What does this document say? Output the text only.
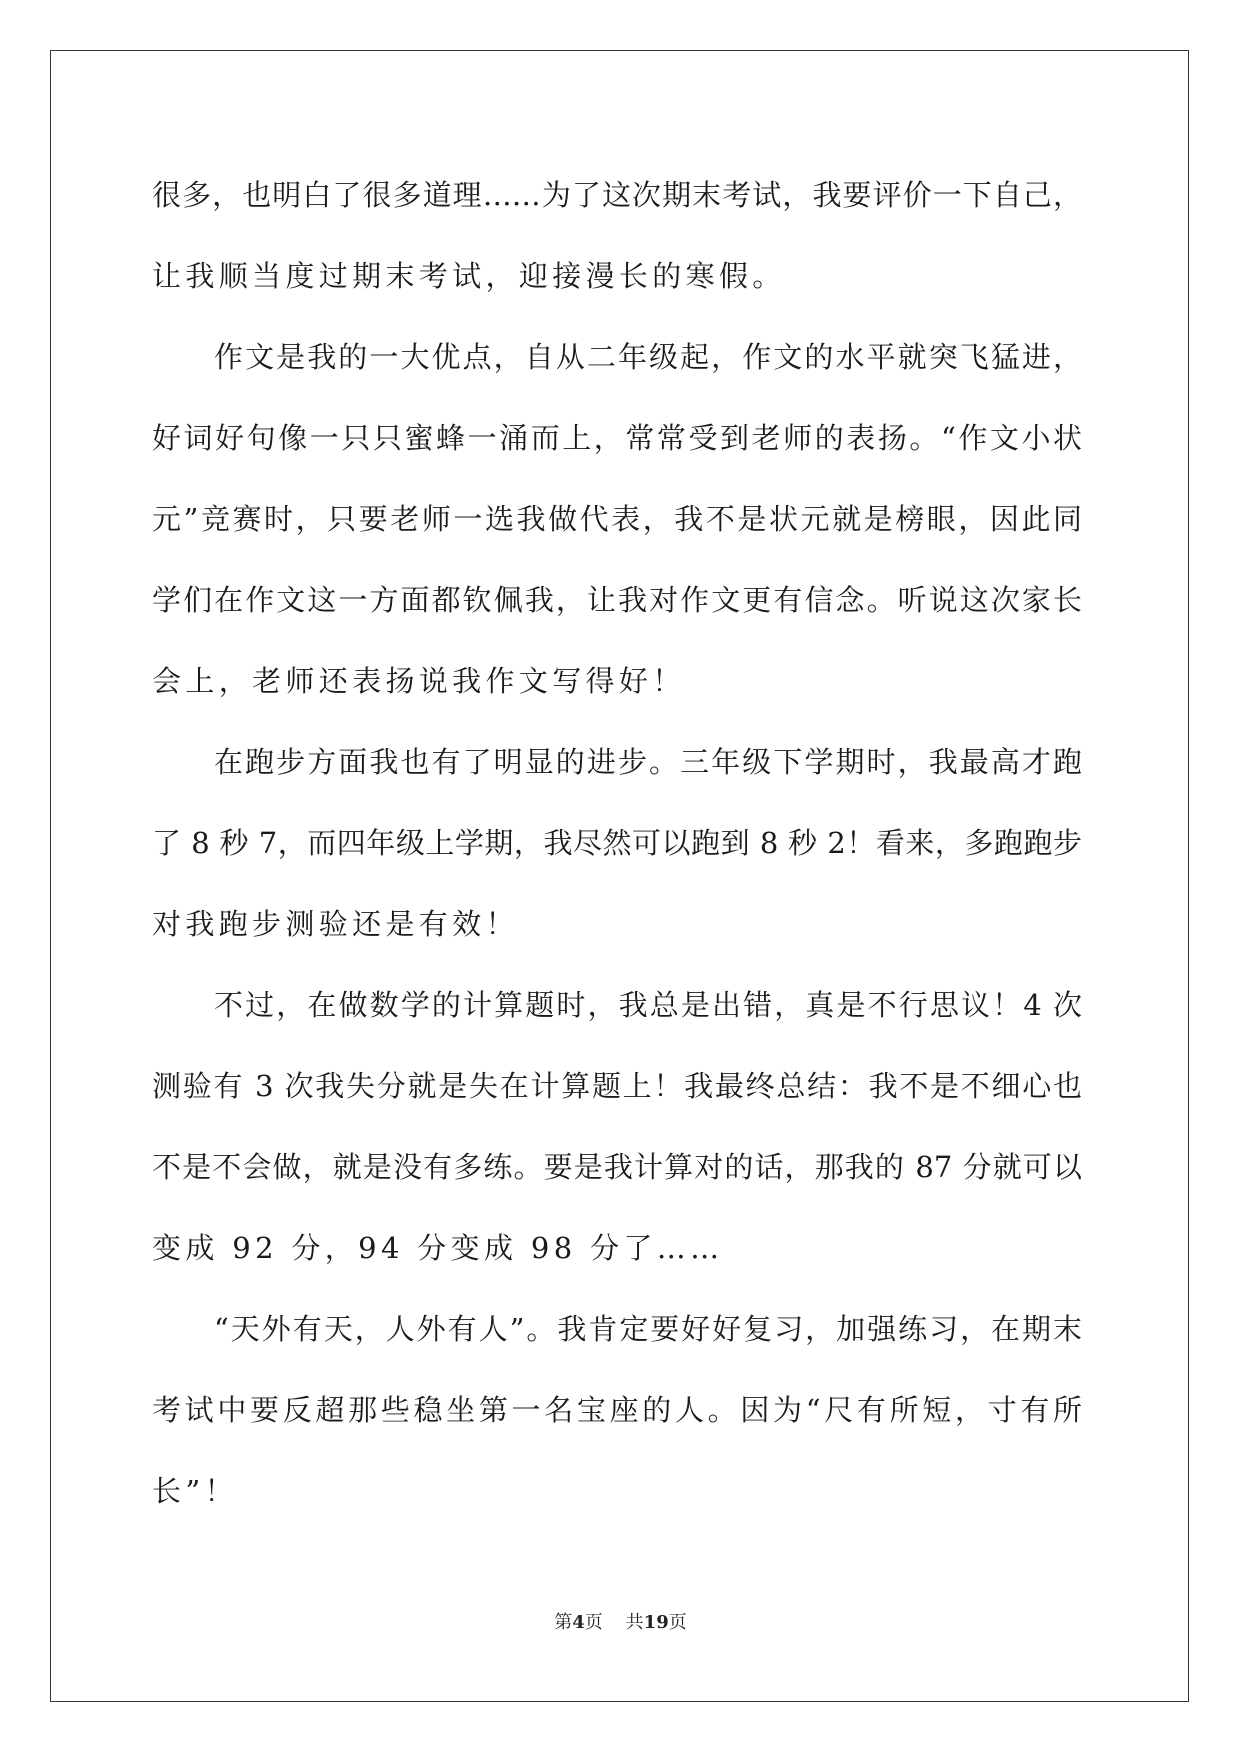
很多，也明白了很多道理……为了这次期末考试，我要评价一下自己，
让我顺当度过期末考试，迎接漫长的寒假。
作文是我的一大优点，自从二年级起，作文的水平就突飞猛进，
好词好句像一只只蜜蜂一涌而上，常常受到老师的表扬。“作文小状
元”竞赛时，只要老师一选我做代表，我不是状元就是榜眼，因此同
学们在作文这一方面都钦佩我，让我对作文更有信念。听说这次家长
会上，老师还表扬说我作文写得好！
在跑步方面我也有了明显的进步。三年级下学期时，我最高才跑
了 8 秒 7，而四年级上学期，我尽然可以跑到 8 秒 2！看来，多跑跑步
对我跑步测验还是有效！
不过，在做数学的计算题时，我总是出错，真是不行思议！4 次
测验有 3 次我失分就是失在计算题上！我最终总结：我不是不细心也
不是不会做，就是没有多练。要是我计算对的话，那我的 87 分就可以
变成 92 分，94 分变成 98 分了……
“天外有天，人外有人”。我肯定要好好复习，加强练习，在期末
考试中要反超那些稳坐第一名宝座的人。因为“尺有所短，寸有所
长”！
第4页 共19页
